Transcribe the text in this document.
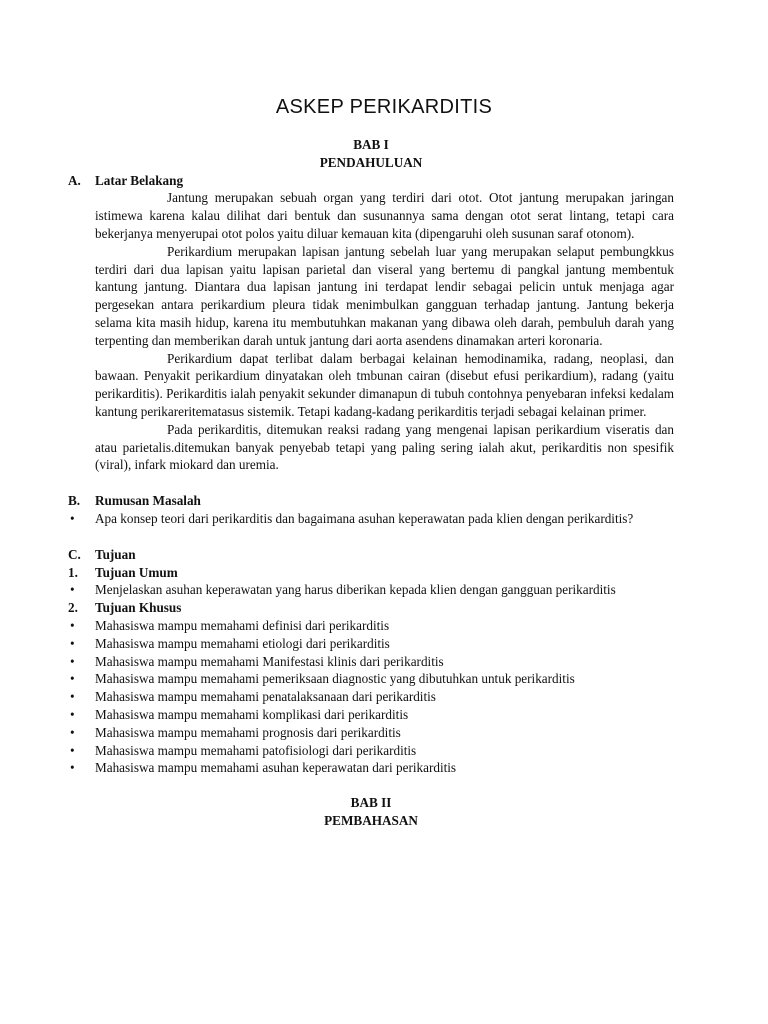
ASKEP PERIKARDITIS

BAB I

PENDAHULUAN

A.	Latar Belakang

Jantung merupakan sebuah organ yang terdiri dari otot. Otot jantung merupakan jaringan istimewa karena kalau dilihat dari bentuk dan susunannya sama dengan otot serat lintang, tetapi cara bekerjanya menyerupai otot polos yaitu diluar kemauan kita (dipengaruhi oleh susunan saraf otonom).

Perikardium merupakan lapisan jantung sebelah luar yang merupakan selaput pembungkkus terdiri dari dua lapisan yaitu lapisan parietal dan viseral yang bertemu di pangkal jantung membentuk kantung jantung. Diantara dua lapisan jantung ini terdapat lendir sebagai pelicin untuk menjaga agar pergesekan antara perikardium pleura tidak menimbulkan gangguan terhadap jantung. Jantung bekerja selama kita masih hidup, karena itu membutuhkan makanan yang dibawa oleh darah, pembuluh darah yang terpenting dan memberikan darah untuk jantung dari aorta asendens dinamakan arteri koronaria.

Perikardium dapat terlibat dalam berbagai kelainan hemodinamika, radang, neoplasi, dan bawaan. Penyakit perikardium dinyatakan oleh tmbunan cairan (disebut efusi perikardium), radang (yaitu perikarditis). Perikarditis ialah penyakit sekunder dimanapun di tubuh contohnya penyebaran infeksi kedalam kantung perikareritematasus sistemik. Tetapi kadang-kadang perikarditis terjadi sebagai kelainan primer.

Pada perikarditis, ditemukan reaksi radang yang mengenai lapisan perikardium viseratis dan atau parietalis.ditemukan banyak penyebab tetapi yang paling sering ialah akut, perikarditis non spesifik (viral), infark miokard dan uremia.

B.	Rumusan Masalah

•	Apa konsep teori dari perikarditis dan bagaimana asuhan keperawatan pada klien dengan perikarditis?

C.	Tujuan

1.	Tujuan Umum

•	Menjelaskan asuhan keperawatan yang harus diberikan kepada klien dengan gangguan perikarditis

2.	Tujuan Khusus

•	Mahasiswa mampu memahami definisi dari perikarditis
•	Mahasiswa mampu memahami etiologi dari perikarditis
•	Mahasiswa mampu memahami Manifestasi klinis dari perikarditis
•	Mahasiswa mampu memahami pemeriksaan diagnostic yang dibutuhkan untuk perikarditis
•	Mahasiswa mampu memahami penatalaksanaan dari perikarditis
•	Mahasiswa mampu memahami komplikasi dari perikarditis
•	Mahasiswa mampu memahami prognosis dari perikarditis
•	Mahasiswa mampu memahami patofisiologi dari perikarditis
•	Mahasiswa mampu memahami asuhan keperawatan dari perikarditis

BAB II

PEMBAHASAN
